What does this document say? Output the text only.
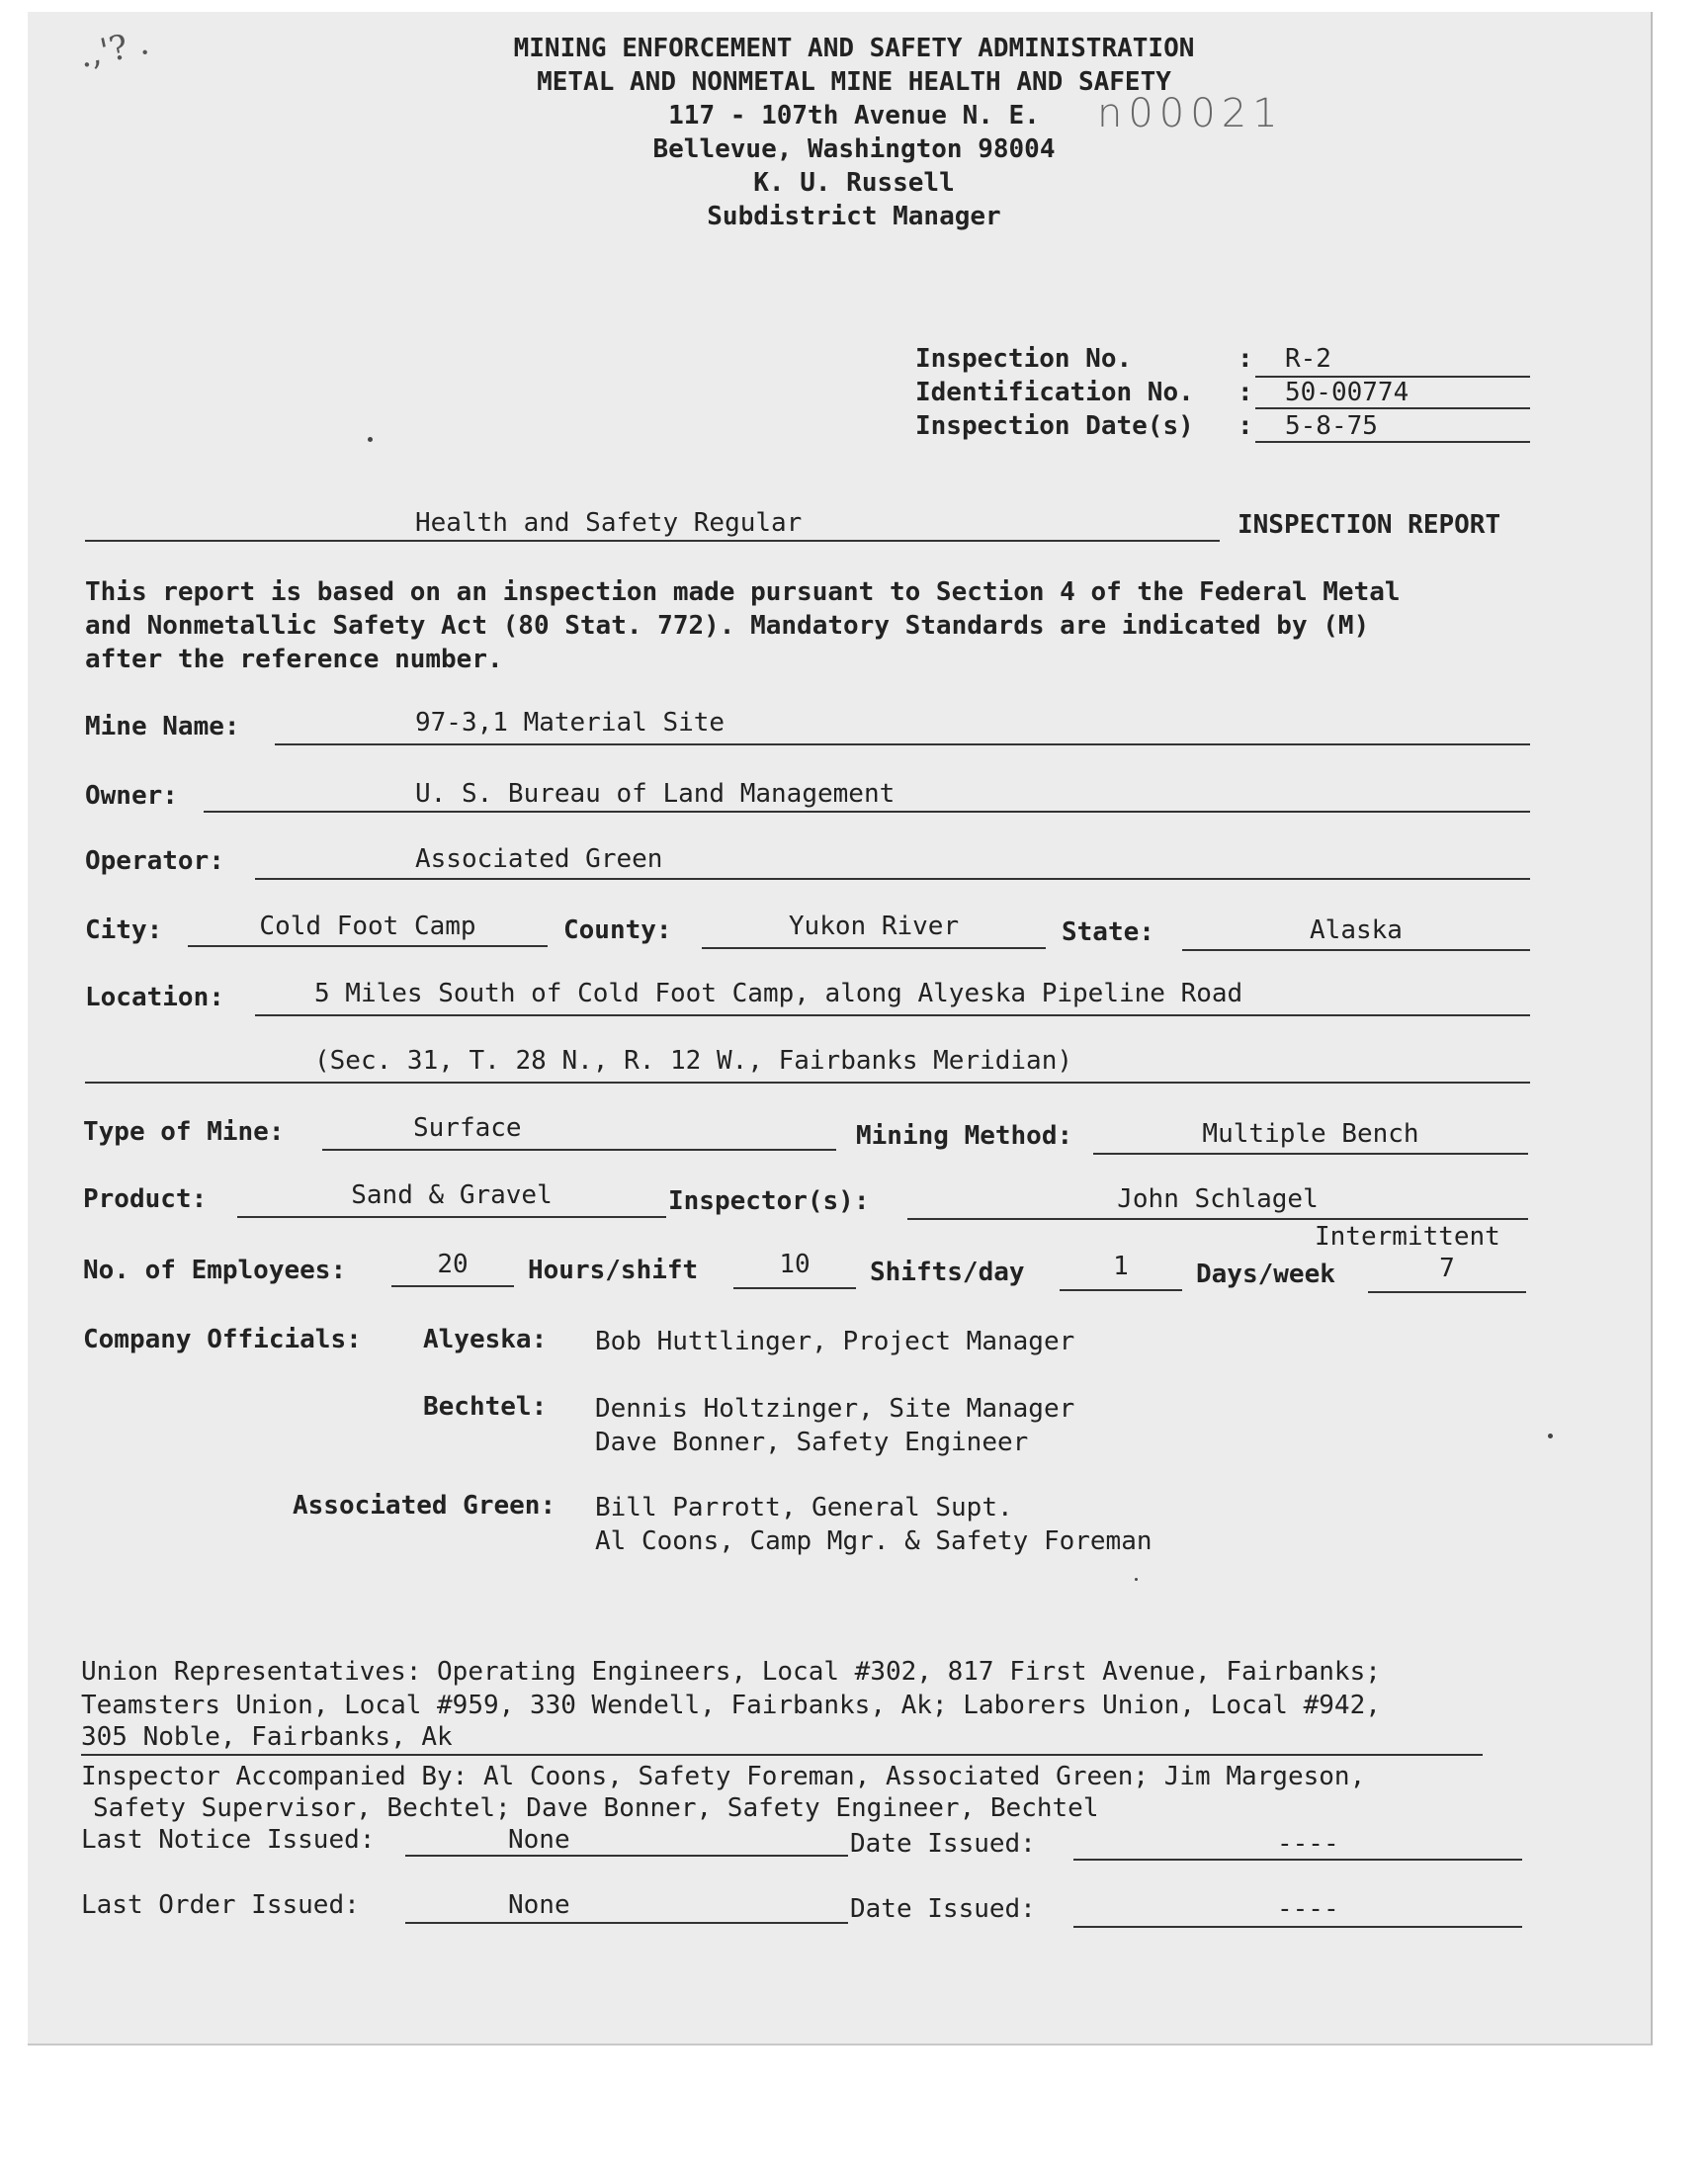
.,'? .	MINING ENFORCEMENT AND SAFETY ADMINISTRATION
METAL AND NONMETAL MINE HEALTH AND SAFETY
117 - 107th Avenue N. E.
Bellevue, Washington 98004
K. U. Russell
Subdistrict Manager
n00021
Inspection No.	:	R-2
Identification No. :	50-00774
Inspection Date(s) :	5-8-75
Health and Safety Regular	INSPECTION REPORT
This report is based on an inspection made pursuant to Section 4 of the Federal Metal
and Nonmetallic Safety Act (80 Stat. 772). Mandatory Standards are indicated by (M)
after the reference number.
Mine Name:	97-3,1 Material Site
Owner:	U. S. Bureau of Land Management
Operator:	Associated Green
City:	Cold Foot Camp	County:	Yukon River	State:	Alaska
Location:	5 Miles South of Cold Foot Camp, along Alyeska Pipeline Road
(Sec. 31, T. 28 N., R. 12 W., Fairbanks Meridian)
Type of Mine:	Surface	Mining Method:	Multiple Bench
Product:	Sand & Gravel	Inspector(s):	John Schlagel
Intermittent
No. of Employees:	20	Hours/shift	10	Shifts/day	1	Days/week	7
Company Officials: Alyeska: Bob Huttlinger, Project Manager
Bechtel: Dennis Holtzinger, Site Manager
Dave Bonner, Safety Engineer
Associated Green: Bill Parrott, General Supt.
Al Coons, Camp Mgr. & Safety Foreman
Union Representatives: Operating Engineers, Local #302, 817 First Avenue, Fairbanks;
Teamsters Union, Local #959, 330 Wendell, Fairbanks, Ak; Laborers Union, Local #942,
305 Noble, Fairbanks, Ak
Inspector Accompanied By: Al Coons, Safety Foreman, Associated Green; Jim Margeson,
Safety Supervisor, Bechtel; Dave Bonner, Safety Engineer, Bechtel
Last Notice Issued:	None	Date Issued:	----
Last Order Issued:	None	Date Issued:	----
